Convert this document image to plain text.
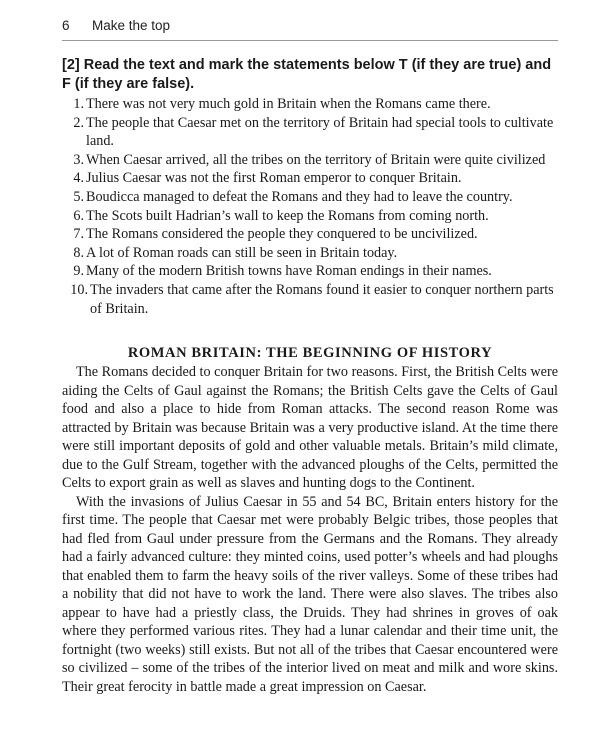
6 Make the top
[2] Read the text and mark the statements below T (if they are true) and F (if they are false).
1 . There was not very much gold in Britain when the Romans came there.
2 . The people that Caesar met on the territory of Britain had special tools to cultivate land.
3 . When Caesar arrived, all the tribes on the territory of Britain were quite civilized
4 . Julius Caesar was not the first Roman emperor to conquer Britain.
5 . Boudicca managed to defeat the Romans and they had to leave the country.
6 . The Scots built Hadrian’s wall to keep the Romans from coming north.
7 . The Romans considered the people they conquered to be uncivilized.
8 . A lot of Roman roads can still be seen in Britain today.
9 . Many of the modern British towns have Roman endings in their names.
10 . The invaders that came after the Romans found it easier to conquer northern parts of Britain.
ROMAN BRITAIN: THE BEGINNING OF HISTORY

The Romans decided to conquer Britain for two reasons. First, the British Celts were aiding the Celts of Gaul against the Romans; the British Celts gave the Celts of Gaul food and also a place to hide from Roman attacks. The second reason Rome was attracted by Britain was because Britain was a very productive island. At the time there were still important deposits of gold and other valuable metals. Britain’s mild climate, due to the Gulf Stream, together with the advanced ploughs of the Celts, permitted the Celts to export grain as well as slaves and hunting dogs to the Continent.

With the invasions of Julius Caesar in 55 and 54 BC, Britain enters history for the first time. The people that Caesar met were probably Belgic tribes, those peoples that had fled from Gaul under pressure from the Germans and the Romans. They already had a fairly advanced culture: they minted coins, used potter’s wheels and had ploughs that enabled them to farm the heavy soils of the river valleys. Some of these tribes had a nobility that did not have to work the land. There were also slaves. The tribes also appear to have had a priestly class, the Druids. They had shrines in groves of oak where they performed various rites. They had a lunar calendar and their time unit, the fortnight (two weeks) still exists. But not all of the tribes that Caesar encountered were so civilized – some of the tribes of the interior lived on meat and milk and wore skins. Their great ferocity in battle made a great impression on Caesar.
